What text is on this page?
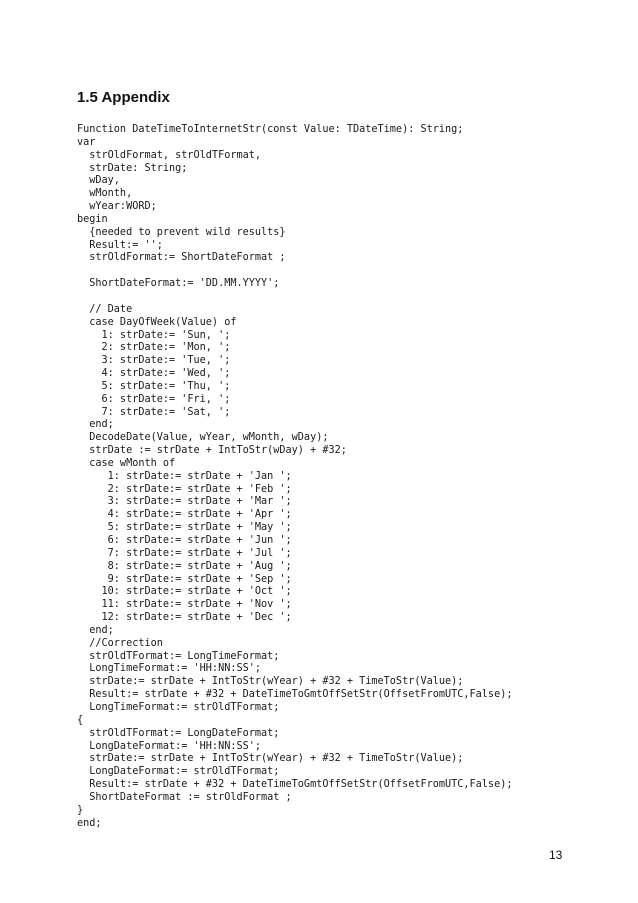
1.5 Appendix
Function DateTimeToInternetStr(const Value: TDateTime): String;
var
strOldFormat, strOldTFormat,
strDate: String;
wDay,
wMonth,
wYear:WORD;
begin
{needed to prevent wild results}
Result:= '';
strOldFormat:= ShortDateFormat ;
ShortDateFormat:= 'DD.MM.YYYY';
// Date
case DayOfWeek(Value) of
1: strDate:= 'Sun, ';
2: strDate:= 'Mon, ';
3: strDate:= 'Tue, ';
4: strDate:= 'Wed, ';
5: strDate:= 'Thu, ';
6: strDate:= 'Fri, ';
7: strDate:= 'Sat, ';
end;
DecodeDate(Value, wYear, wMonth, wDay);
strDate := strDate + IntToStr(wDay) + #32;
case wMonth of
1: strDate:= strDate + 'Jan ';
2: strDate:= strDate + 'Feb ';
3: strDate:= strDate + 'Mar ';
4: strDate:= strDate + 'Apr ';
5: strDate:= strDate + 'May ';
6: strDate:= strDate + 'Jun ';
7: strDate:= strDate + 'Jul ';
8: strDate:= strDate + 'Aug ';
9: strDate:= strDate + 'Sep ';
10: strDate:= strDate + 'Oct ';
11: strDate:= strDate + 'Nov ';
12: strDate:= strDate + 'Dec ';
end;
//Correction
strOldTFormat:= LongTimeFormat;
LongTimeFormat:= 'HH:NN:SS';
strDate:= strDate + IntToStr(wYear) + #32 + TimeToStr(Value);
Result:= strDate + #32 + DateTimeToGmtOffSetStr(OffsetFromUTC,False);
LongTimeFormat:= strOldTFormat;
{
strOldTFormat:= LongDateFormat;
LongDateFormat:= 'HH:NN:SS';
strDate:= strDate + IntToStr(wYear) + #32 + TimeToStr(Value);
LongDateFormat:= strOldTFormat;
Result:= strDate + #32 + DateTimeToGmtOffSetStr(OffsetFromUTC,False);
ShortDateFormat := strOldFormat ;
}
end;
13
